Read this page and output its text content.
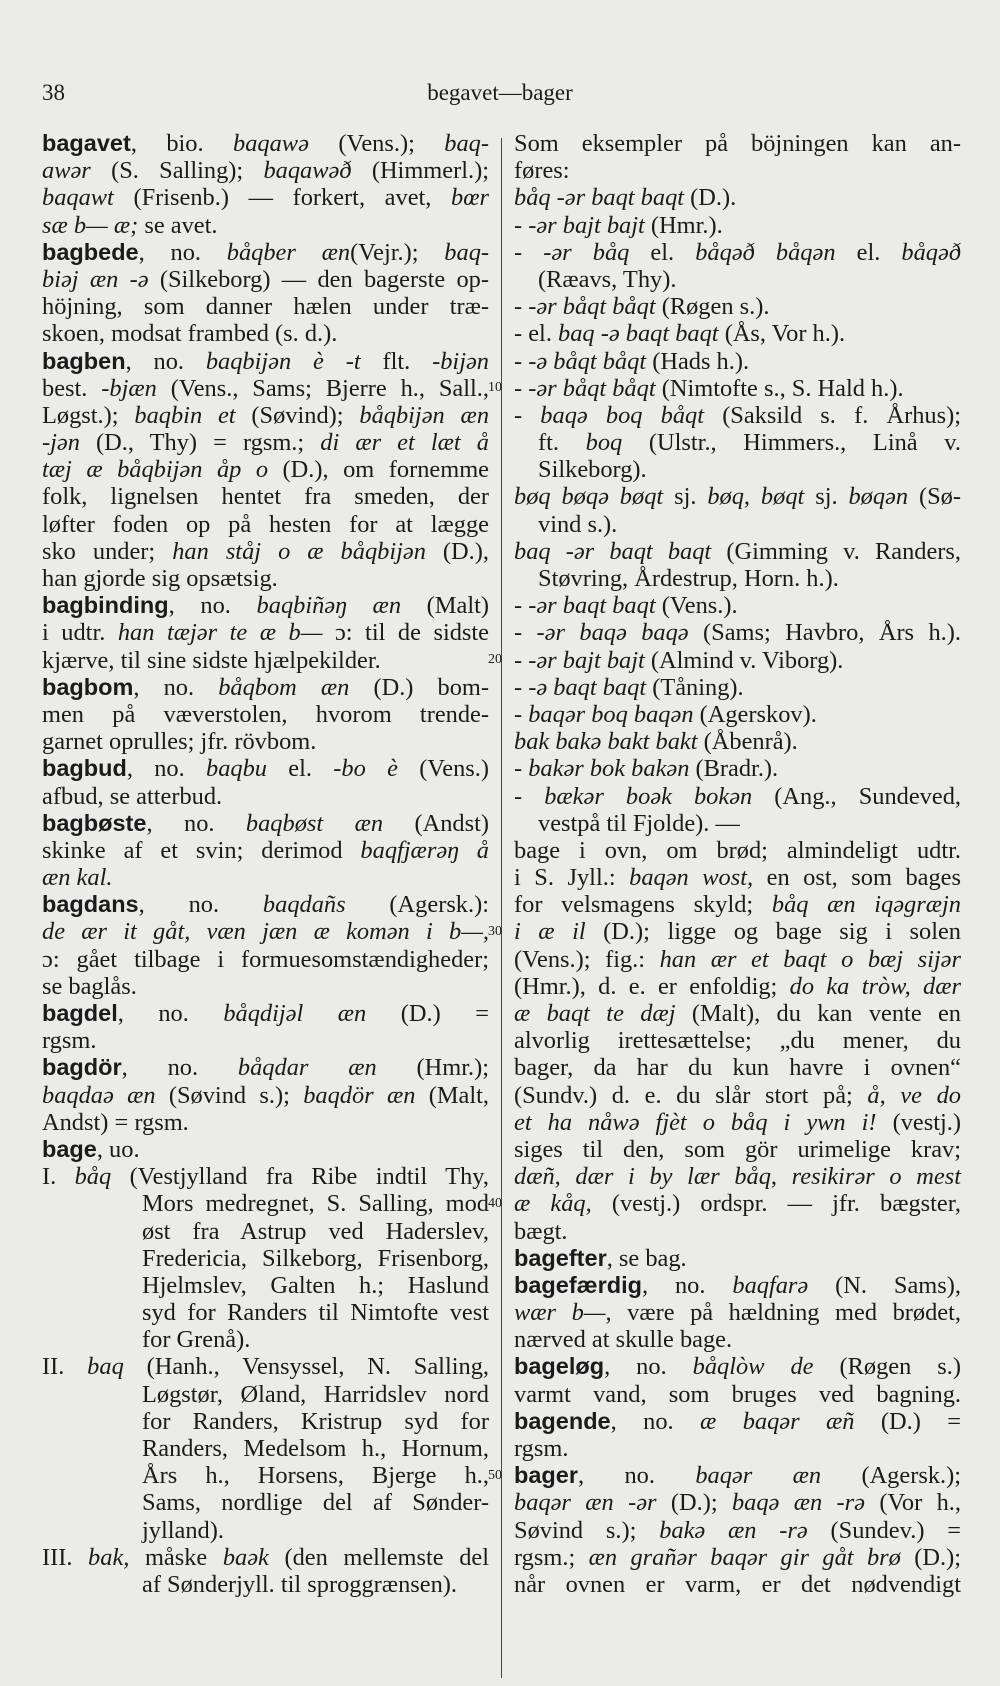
38	begavet—bager
bagavet, bio. baqawə (Vens.); baq-
awər (S. Salling); baqawəð (Himmerl.);
baqawt (Frisenb.) — forkert, avet, bœr
sæ b— æ; se avet.
bagbede, no. båqber æn(Vejr.); baq-
biəj æn -ə (Silkeborg) — den bagerste op-
höjning, som danner hælen under træ-
skoen, modsat frambed (s. d.).
bagben, no. baqbijən è -t flt. -bijən
best. -bjæn (Vens., Sams; Bjerre h., Sall.,
Løgst.); baqbin et (Søvind); båqbijən æn
-jən (D., Thy) = rgsm.; di ær et læt å
tæj æ båqbijən åp o (D.), om fornemme
folk, lignelsen hentet fra smeden, der
løfter foden op på hesten for at lægge
sko under; han ståj o æ båqbijən (D.),
han gjorde sig opsætsig.
bagbinding, no. baqbiñəŋ æn (Malt)
i udtr. han tæjər te æ b— ɔ: til de sidste
kjærve, til sine sidste hjælpekilder.
bagbom, no. båqbom æn (D.) bom-
men på væverstolen, hvorom trende-
garnet oprulles; jfr. rövbom.
bagbud, no. baqbu el. -bo è (Vens.)
afbud, se atterbud.
bagbøste, no. baqbøst æn (Andst)
skinke af et svin; derimod baqfjærəŋ å
æn kal.
bagdans, no. baqdañs (Agersk.):
de ær it gåt, væn jæn æ komən i b—,
ɔ: gået tilbage i formuesomstændigheder;
se baglås.
bagdel, no. båqdijəl æn (D.) =
rgsm.
bagdör, no. båqdar æn (Hmr.);
baqdaə æn (Søvind s.); baqdör æn (Malt,
Andst) = rgsm.
bage, uo.
I. båq (Vestjylland fra Ribe indtil Thy,
Mors medregnet, S. Salling, mod
øst fra Astrup ved Haderslev,
Fredericia, Silkeborg, Frisenborg,
Hjelmslev, Galten h.; Haslund
syd for Randers til Nimtofte vest
for Grenå).
II. baq (Hanh., Vensyssel, N. Salling,
Løgstør, Øland, Harridslev nord
for Randers, Kristrup syd for
Randers, Medelsom h., Hornum,
Års h., Horsens, Bjerge h.,
Sams, nordlige del af Sønder-
jylland).
III. bak, måske baək (den mellemste del
af Sønderjyll. til sproggrænsen).
Som eksempler på böjningen kan an-
føres:
båq -ər baqt baqt (D.).
- -ər bajt bajt (Hmr.).
- -ər båq el. båqəð båqən el. båqəð
(Ræavs, Thy).
- -ər båqt båqt (Røgen s.).
- el. baq -ə baqt baqt (Ås, Vor h.).
- -ə båqt båqt (Hads h.).
- -ər båqt båqt (Nimtofte s., S. Hald h.).
- baqə boq båqt (Saksild s. f. Århus);
ft. boq (Ulstr., Himmers., Linå v.
Silkeborg).
bøq bøqə bøqt sj. bøq, bøqt sj. bøqən (Sø-
vind s.).
baq -ər baqt baqt (Gimming v. Randers,
Støvring, Årdestrup, Horn. h.).
- -ər baqt baqt (Vens.).
- -ər baqə baqə (Sams; Havbro, Års h.).
- -ər bajt bajt (Almind v. Viborg).
- -ə baqt baqt (Tåning).
- baqər boq baqən (Agerskov).
bak bakə bakt bakt (Åbenrå).
- bakər bok bakən (Bradr.).
- bækər boək bokən (Ang., Sundeved,
vestpå til Fjolde). —
bage i ovn, om brød; almindeligt udtr.
i S. Jyll.: baqən wost, en ost, som bages
for velsmagens skyld; båq æn iqəgræjn
i æ il (D.); ligge og bage sig i solen
(Vens.); fig.: han ær et baqt o bæj sijər
(Hmr.), d. e. er enfoldig; do ka tròw, dær
æ baqt te dæj (Malt), du kan vente en
alvorlig irettesættelse; „du mener, du
bager, da har du kun havre i ovnen“
(Sundv.) d. e. du slår stort på; å, ve do
et ha nåwə fjèt o båq i ywn i! (vestj.)
siges til den, som gör urimelige krav;
dæñ, dær i by lær båq, resikirər o mest
æ kåq, (vestj.) ordspr. — jfr. bægster,
bægt.
bagefter, se bag.
bagefærdig, no. baqfarə (N. Sams),
wær b—, være på hældning med brødet,
nærved at skulle bage.
bageløg, no. båqlòw de (Røgen s.)
varmt vand, som bruges ved bagning.
bagende, no. æ baqər æñ (D.) =
rgsm.
bager, no. baqər æn (Agersk.);
baqər æn -ər (D.); baqə æn -rə (Vor h.,
Søvind s.); bakə æn -rə (Sundev.) =
rgsm.; æn grañər baqər gir gåt brø (D.);
når ovnen er varm, er det nødvendigt
10
20
30
40
50
